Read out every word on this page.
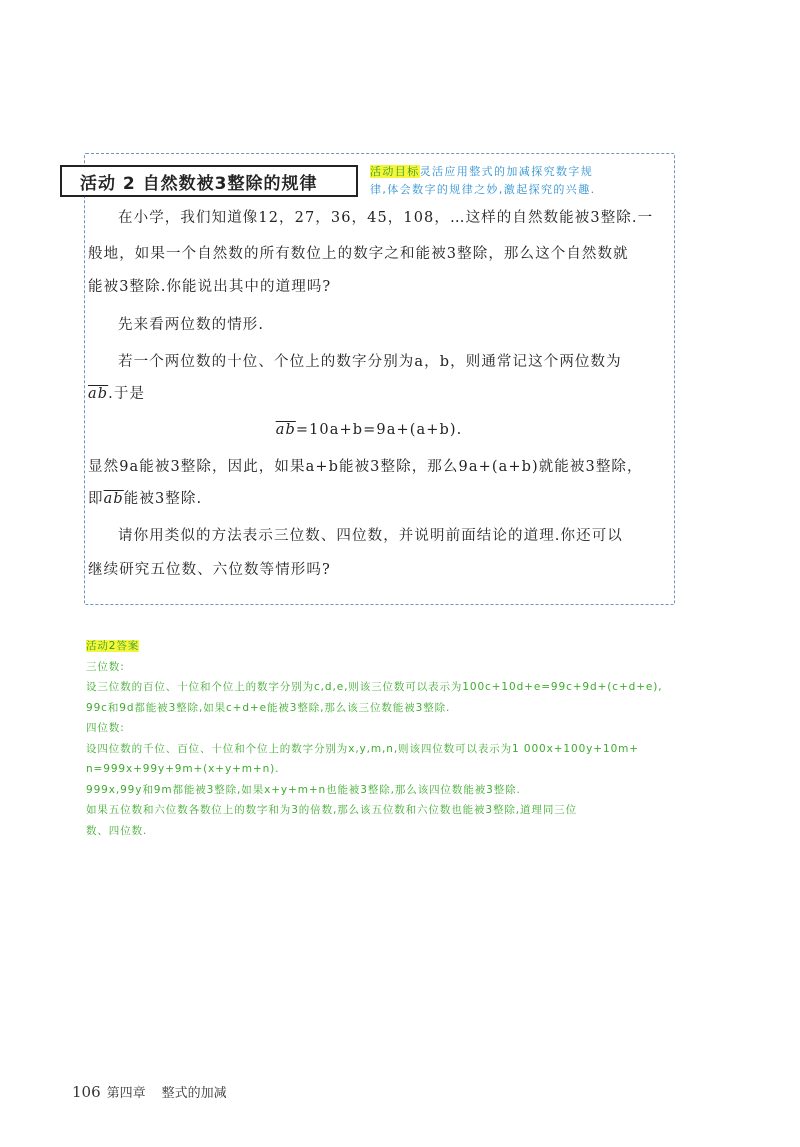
活动 2 自然数被3整除的规律
活动目标灵活应用整式的加减探究数字规
律,体会数字的规律之妙,激起探究的兴趣.
在小学，我们知道像12，27，36，45，108，…这样的自然数能被3整除.一
般地，如果一个自然数的所有数位上的数字之和能被3整除，那么这个自然数就
能被3整除.你能说出其中的道理吗?
先来看两位数的情形.
若一个两位数的十位、个位上的数字分别为a，b，则通常记这个两位数为
$\overline{ab}$.于是
$\overline{ab}=10a+b=9a+(a+b)$.
显然9a能被3整除，因此，如果a+b能被3整除，那么9a+(a+b)就能被3整除，
即$\overline{ab}$能被3整除.
请你用类似的方法表示三位数、四位数，并说明前面结论的道理.你还可以
继续研究五位数、六位数等情形吗?
活动2答案
三位数:
设三位数的百位、十位和个位上的数字分别为c,d,e,则该三位数可以表示为100c+10d+e=99c+9d+(c+d+e),
99c和9d都能被3整除,如果c+d+e能被3整除,那么该三位数能被3整除.
四位数:
设四位数的千位、百位、十位和个位上的数字分别为x,y,m,n,则该四位数可以表示为1 000x+100y+10m+
n=999x+99y+9m+(x+y+m+n).
999x,99y和9m都能被3整除,如果x+y+m+n也能被3整除,那么该四位数能被3整除.
如果五位数和六位数各数位上的数字和为3的倍数,那么该五位数和六位数也能被3整除,道理同三位
数、四位数.
106 第四章 整式的加减
